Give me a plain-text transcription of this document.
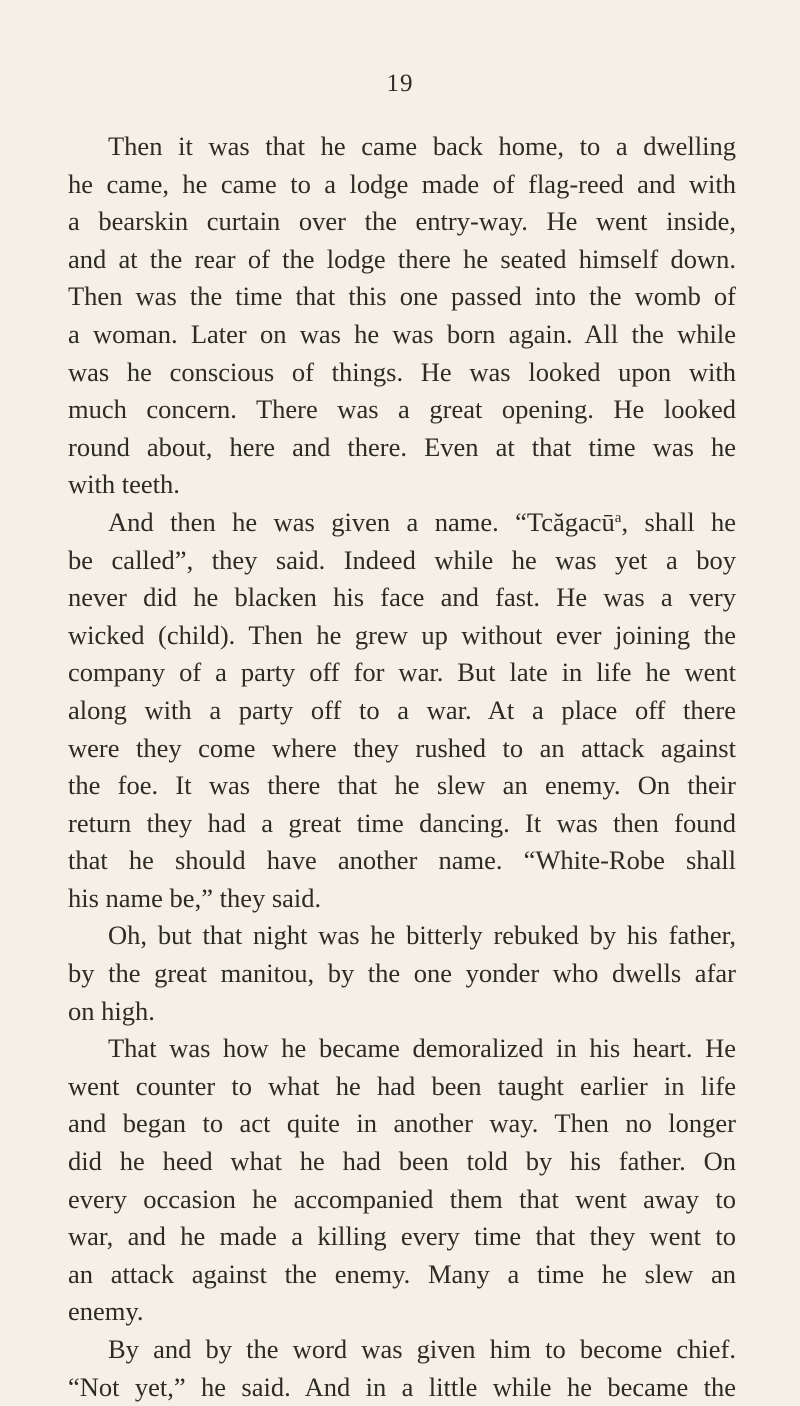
19
Then it was that he came back home, to a dwelling
he came, he came to a lodge made of flag-reed and with
a bearskin curtain over the entry-way. He went inside,
and at the rear of the lodge there he seated himself down.
Then was the time that this one passed into the womb of
a woman. Later on was he was born again. All the while
was he conscious of things. He was looked upon with
much concern. There was a great opening. He looked
round about, here and there. Even at that time was he
with teeth.
And then he was given a name. “Tcăgacū$^a$, shall he
be called”, they said. Indeed while he was yet a boy
never did he blacken his face and fast. He was a very
wicked (child). Then he grew up without ever joining the
company of a party off for war. But late in life he went
along with a party off to a war. At a place off there
were they come where they rushed to an attack against
the foe. It was there that he slew an enemy. On their
return they had a great time dancing. It was then found
that he should have another name. “White-Robe shall
his name be,” they said.
Oh, but that night was he bitterly rebuked by his father,
by the great manitou, by the one yonder who dwells afar
on high.
That was how he became demoralized in his heart. He
went counter to what he had been taught earlier in life
and began to act quite in another way. Then no longer
did he heed what he had been told by his father. On
every occasion he accompanied them that went away to
war, and he made a killing every time that they went to
an attack against the enemy. Many a time he slew an
enemy.
By and by the word was given him to become chief.
“Not yet,” he said. And in a little while he became the
